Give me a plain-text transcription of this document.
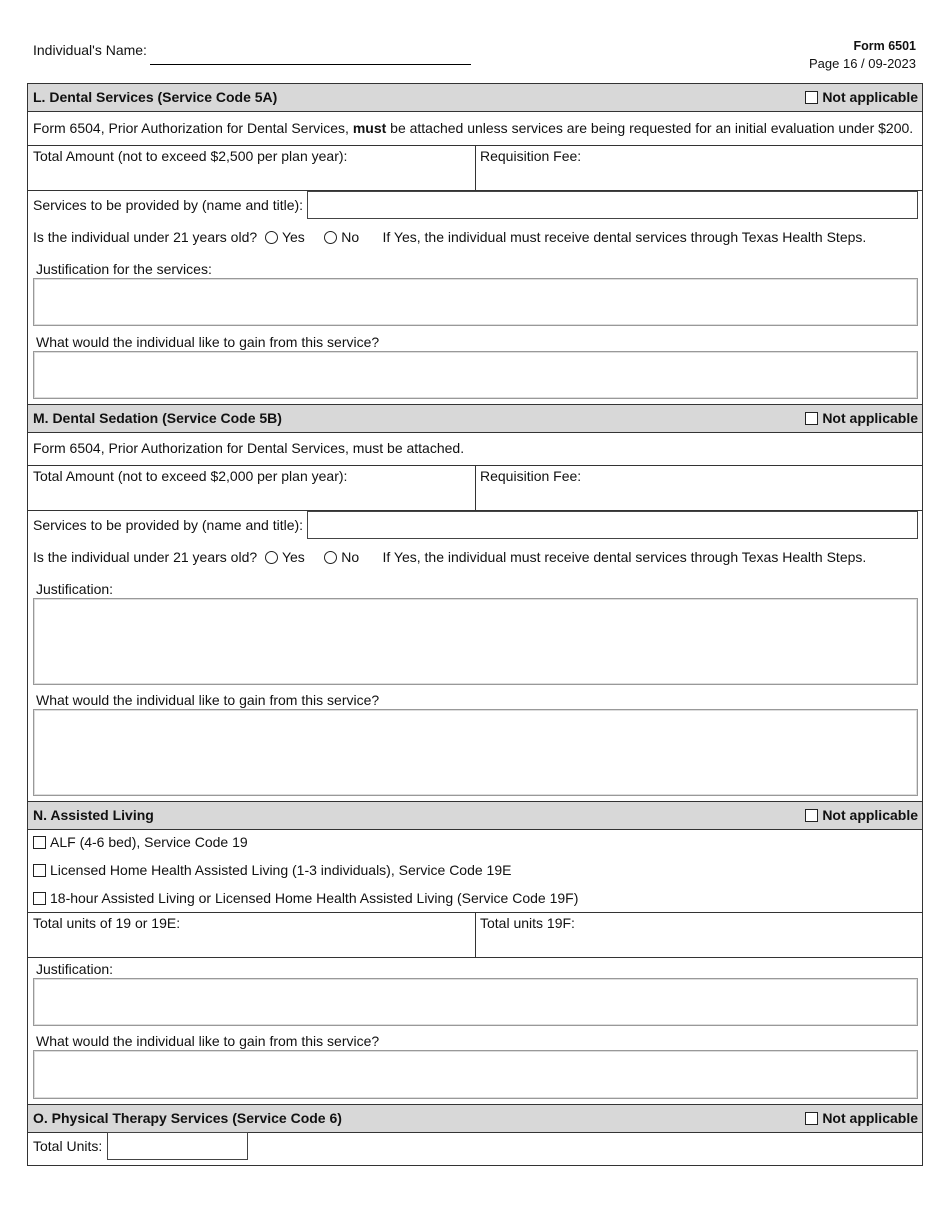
Individual's Name:	Form 6501
Page 16 / 09-2023
L. Dental Services (Service Code 5A)	Not applicable
Form 6504, Prior Authorization for Dental Services, must be attached unless services are being requested for an initial evaluation under $200.
Total Amount (not to exceed $2,500 per plan year):	Requisition Fee:
Services to be provided by (name and title):
Is the individual under 21 years old? Yes	No If Yes, the individual must receive dental services through Texas Health Steps.
Justification for the services:
What would the individual like to gain from this service?
M. Dental Sedation (Service Code 5B)	Not applicable
Form 6504, Prior Authorization for Dental Services, must be attached.
Total Amount (not to exceed $2,000 per plan year):	Requisition Fee:
Services to be provided by (name and title):
Is the individual under 21 years old? Yes	No If Yes, the individual must receive dental services through Texas Health Steps.
Justification:
What would the individual like to gain from this service?
N. Assisted Living	Not applicable
ALF (4-6 bed), Service Code 19
Licensed Home Health Assisted Living (1-3 individuals), Service Code 19E
18-hour Assisted Living or Licensed Home Health Assisted Living (Service Code 19F)
Total units of 19 or 19E:	Total units 19F:
Justification:
What would the individual like to gain from this service?
O. Physical Therapy Services (Service Code 6)	Not applicable
Total Units:
